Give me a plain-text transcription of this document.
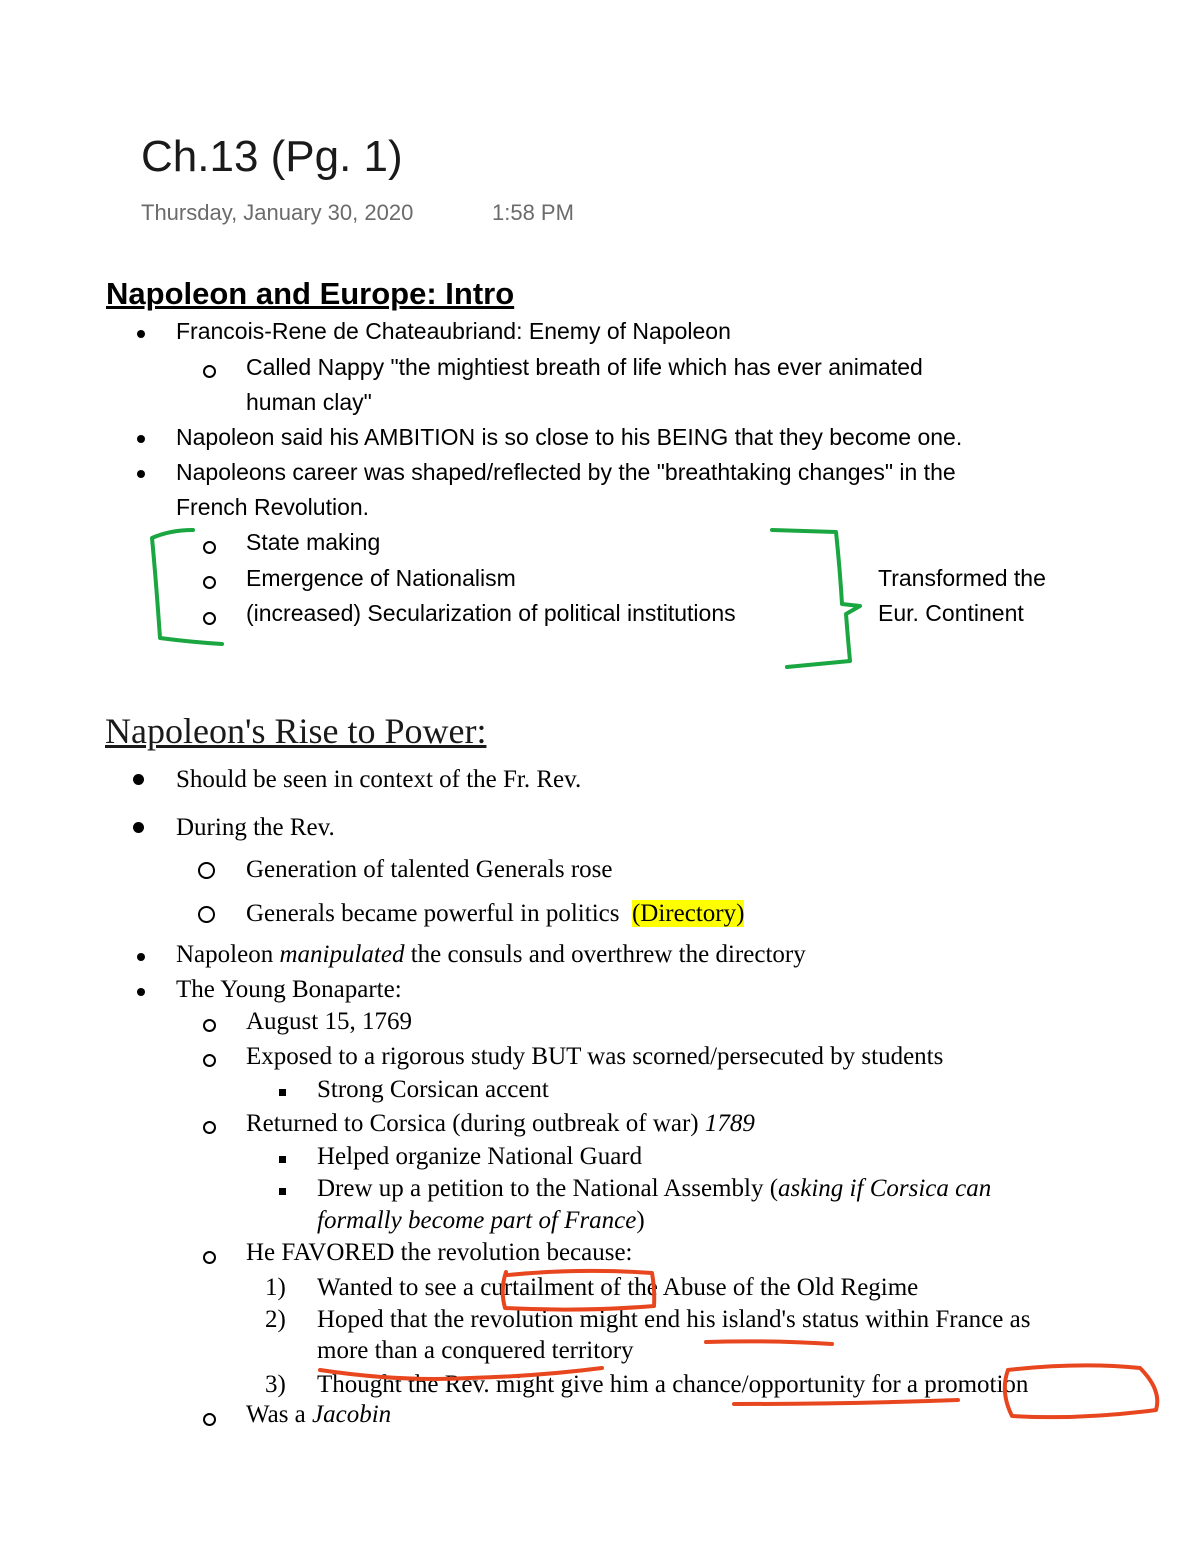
Ch.13 (Pg. 1)
Thursday, January 30, 2020	1:58 PM
Napoleon and Europe: Intro
Francois-Rene de Chateaubriand: Enemy of Napoleon
Called Nappy "the mightiest breath of life which has ever animated
human clay"
Napoleon said his AMBITION is so close to his BEING that they become one.
Napoleons career was shaped/reflected by the "breathtaking changes" in the
French Revolution.
State making
Emergence of Nationalism
(increased) Secularization of political institutions
Transformed the
Eur. Continent
Napoleon's Rise to Power:
Should be seen in context of the Fr. Rev.
During the Rev.
Generation of talented Generals rose
Generals became powerful in politics (Directory)
Napoleon manipulated the consuls and overthrew the directory
The Young Bonaparte:
August 15, 1769
Exposed to a rigorous study BUT was scorned/persecuted by students
Strong Corsican accent
Returned to Corsica (during outbreak of war) 1789
Helped organize National Guard
Drew up a petition to the National Assembly (asking if Corsica can
formally become part of France)
He FAVORED the revolution because:
1) Wanted to see a curtailment of the Abuse of the Old Regime
2) Hoped that the revolution might end his island's status within France as
more than a conquered territory
3) Thought the Rev. might give him a chance/opportunity for a promotion
Was a Jacobin
